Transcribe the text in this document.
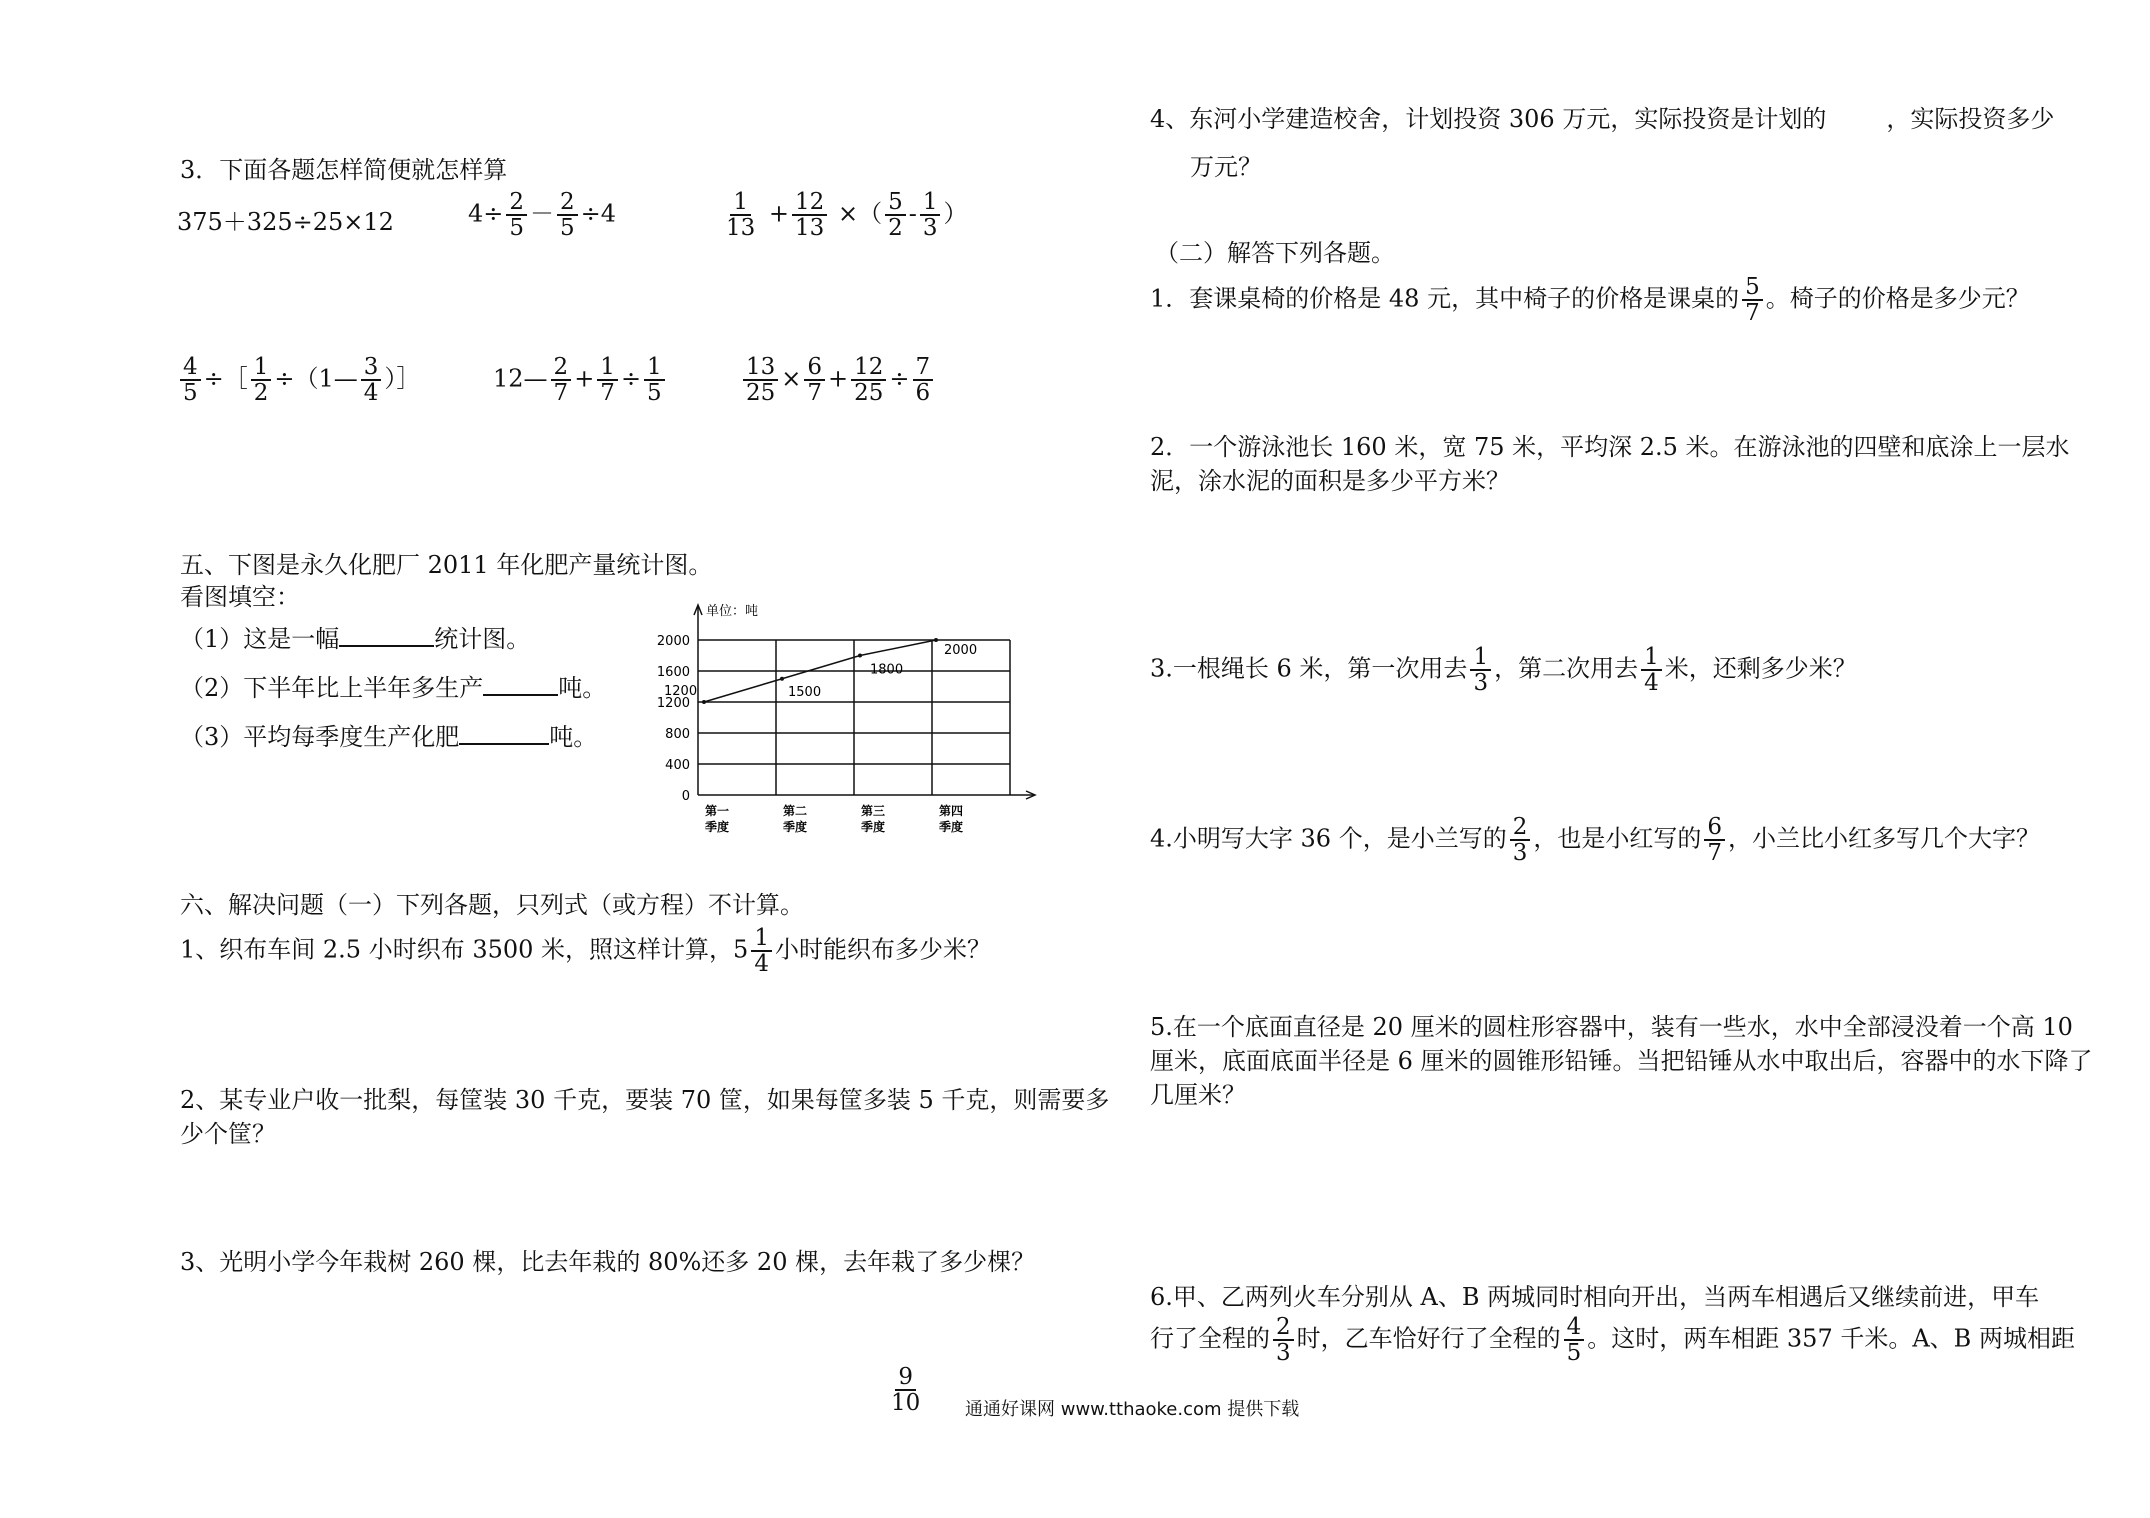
3．下面各题怎样简便就怎样算
375＋325÷25×12	$4\div \frac{2}{5} - \frac{2}{5} \div 4$	$\frac{1}{13} + \frac{12}{13}$ ×（ $\frac{5}{2} - \frac{1}{3}$ ）
$\frac{4}{5}$ ÷［ $\frac{1}{2}$ ÷（1— $\frac{3}{4}$ ）］	12— $\frac{2}{7} + \frac{1}{7} \div \frac{1}{5}$	$\frac{13}{25} \times \frac{6}{7} + \frac{12}{25} \div \frac{7}{6}$
五、下图是永久化肥厂 2011 年化肥产量统计图。
看图填空：
（1）这是一幅	统计图。
（2）下半年比上半年多生产	吨。
（3）平均每季度生产化肥	吨。
0
400
800
1200
1600
2000
单位：吨
1200	1500
1800
2000
第一
季度
第二
季度
第三
季度
第四
季度
六、解决问题（一）下列各题，只列式（或方程）不计算。
1、织布车间 2.5 小时织布 3500 米，照这样计算，$5 \frac{1}{4}$ 小时能织布多少米？
2、某专业户收一批梨，每筐装 30 千克，要装 70 筐，如果每筐多装 5 千克，则需要多少个筐？
3、光明小学今年栽树 260 棵，比去年栽的 80%还多 20 棵，去年栽了多少棵？
4、东河小学建造校舍，计划投资 306 万元，实际投资是计划的	，实际投资多少
万元？
（二）解答下列各题。
1．套课桌椅的价格是 48 元，其中椅子的价格是课桌的 $\frac{5}{7}$ 。椅子的价格是多少元？
2．一个游泳池长 160 米，宽 75 米，平均深 2.5 米。在游泳池的四壁和底涂上一层水泥，涂水泥的面积是多少平方米？
3.一根绳长 6 米，第一次用去 $\frac{1}{3}$ ，第二次用去 $\frac{1}{4}$ 米，还剩多少米？
4.小明写大字 36 个，是小兰写的 $\frac{2}{3}$ ，也是小红写的 $\frac{6}{7}$ ，小兰比小红多写几个大字？
5.在一个底面直径是 20 厘米的圆柱形容器中，装有一些水，水中全部浸没着一个高 10 厘米，底面底面半径是 6 厘米的圆锥形铅锤。当把铅锤从水中取出后，容器中的水下降了几厘米？
6.甲、乙两列火车分别从 A、B 两城同时相向开出，当两车相遇后又继续前进，甲车
行了全程的 $\frac{2}{3}$ 时，乙车恰好行了全程的 $\frac{4}{5}$ 。这时，两车相距 357 千米。A、B 两城相距
$\frac{9}{10}$ 通通好课网 www.tthaoke.com 提供下载
